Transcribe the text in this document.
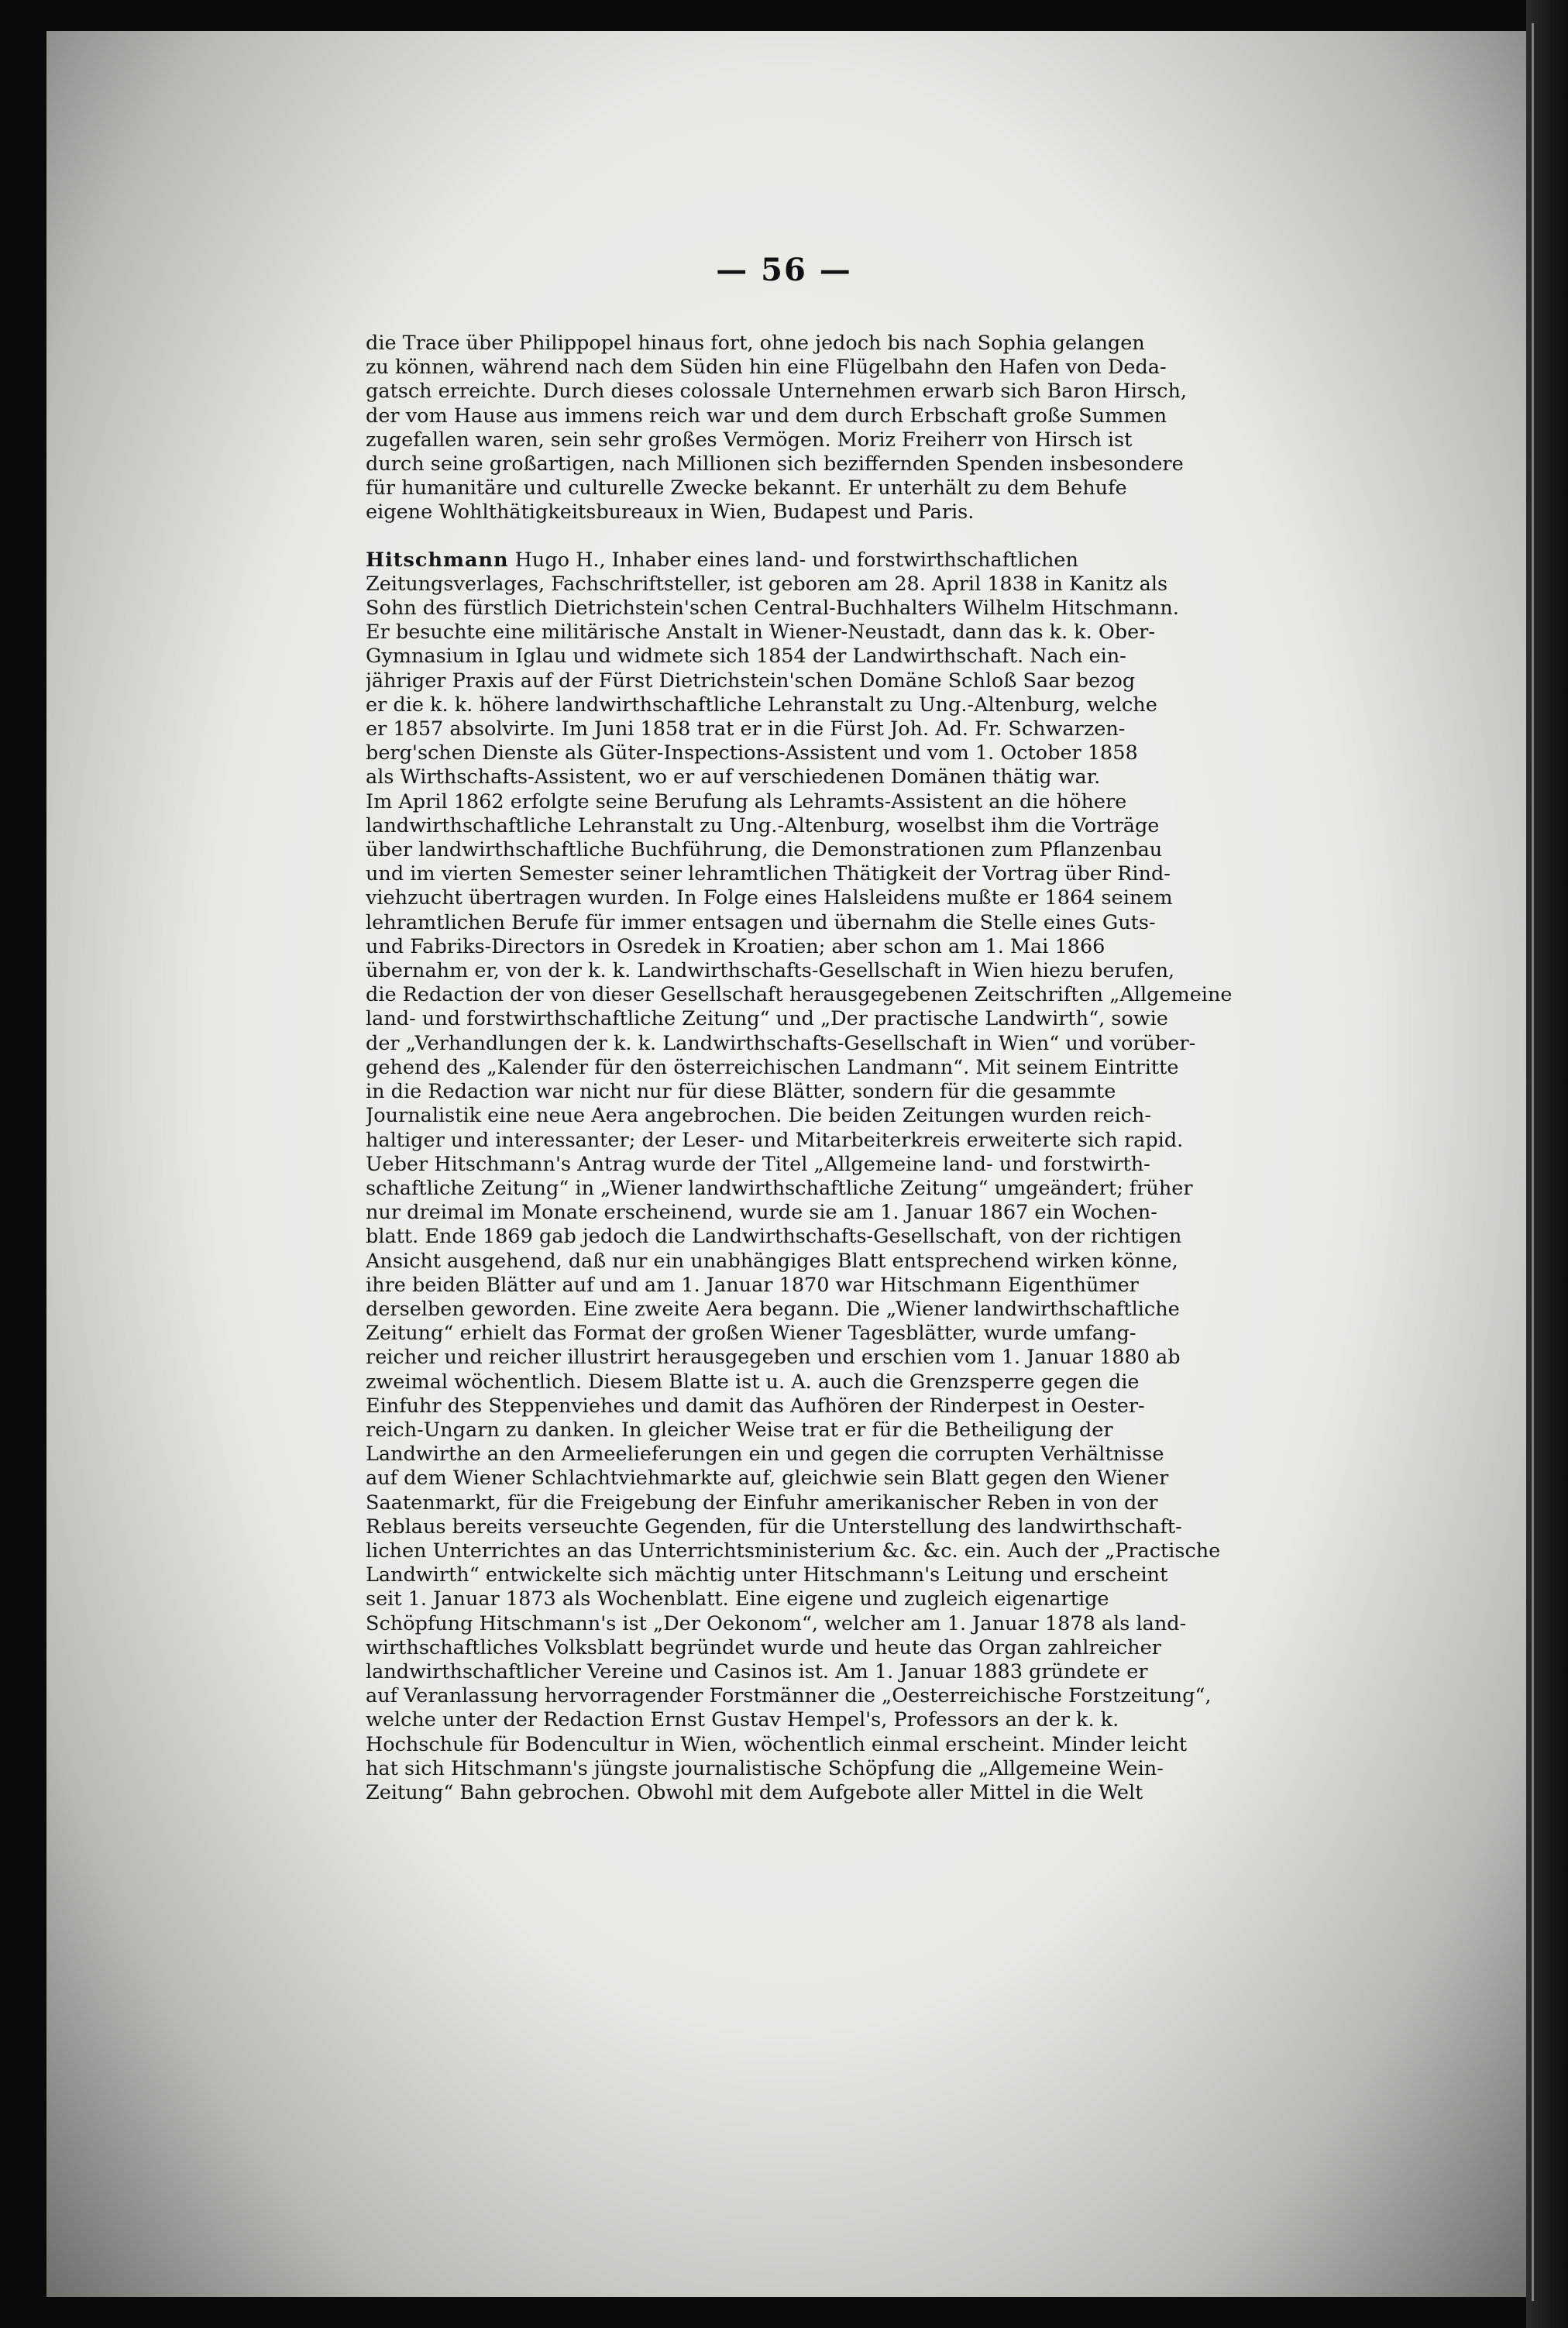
— 56 —

die Trace über Philippopel hinaus fort, ohne jedoch bis nach Sophia gelangen
zu können, während nach dem Süden hin eine Flügelbahn den Hafen von Deda-
gatsch erreichte. Durch dieses colossale Unternehmen erwarb sich Baron Hirsch,
der vom Hause aus immens reich war und dem durch Erbschaft große Summen
zugefallen waren, sein sehr großes Vermögen. Moriz Freiherr von Hirsch ist
durch seine großartigen, nach Millionen sich beziffernden Spenden insbesondere
für humanitäre und culturelle Zwecke bekannt. Er unterhält zu dem Behufe
eigene Wohlthätigkeitsbureaux in Wien, Budapest und Paris.

Hitschmann Hugo H., Inhaber eines land- und forstwirthschaftlichen
Zeitungsverlages, Fachschriftsteller, ist geboren am 28. April 1838 in Kanitz als
Sohn des fürstlich Dietrichstein'schen Central-Buchhalters Wilhelm Hitschmann.
Er besuchte eine militärische Anstalt in Wiener-Neustadt, dann das k. k. Ober-
Gymnasium in Iglau und widmete sich 1854 der Landwirthschaft. Nach ein-
jähriger Praxis auf der Fürst Dietrichstein'schen Domäne Schloß Saar bezog
er die k. k. höhere landwirthschaftliche Lehranstalt zu Ung.-Altenburg, welche
er 1857 absolvirte. Im Juni 1858 trat er in die Fürst Joh. Ad. Fr. Schwarzen-
berg'schen Dienste als Güter-Inspections-Assistent und vom 1. October 1858
als Wirthschafts-Assistent, wo er auf verschiedenen Domänen thätig war.
Im April 1862 erfolgte seine Berufung als Lehramts-Assistent an die höhere
landwirthschaftliche Lehranstalt zu Ung.-Altenburg, woselbst ihm die Vorträge
über landwirthschaftliche Buchführung, die Demonstrationen zum Pflanzenbau
und im vierten Semester seiner lehramtlichen Thätigkeit der Vortrag über Rind-
viehzucht übertragen wurden. In Folge eines Halsleidens mußte er 1864 seinem
lehramtlichen Berufe für immer entsagen und übernahm die Stelle eines Guts-
und Fabriks-Directors in Osredek in Kroatien; aber schon am 1. Mai 1866
übernahm er, von der k. k. Landwirthschafts-Gesellschaft in Wien hiezu berufen,
die Redaction der von dieser Gesellschaft herausgegebenen Zeitschriften „Allgemeine
land- und forstwirthschaftliche Zeitung“ und „Der practische Landwirth“, sowie
der „Verhandlungen der k. k. Landwirthschafts-Gesellschaft in Wien“ und vorüber-
gehend des „Kalender für den österreichischen Landmann“. Mit seinem Eintritte
in die Redaction war nicht nur für diese Blätter, sondern für die gesammte
Journalistik eine neue Aera angebrochen. Die beiden Zeitungen wurden reich-
haltiger und interessanter; der Leser- und Mitarbeiterkreis erweiterte sich rapid.
Ueber Hitschmann's Antrag wurde der Titel „Allgemeine land- und forstwirth-
schaftliche Zeitung“ in „Wiener landwirthschaftliche Zeitung“ umgeändert; früher
nur dreimal im Monate erscheinend, wurde sie am 1. Januar 1867 ein Wochen-
blatt. Ende 1869 gab jedoch die Landwirthschafts-Gesellschaft, von der richtigen
Ansicht ausgehend, daß nur ein unabhängiges Blatt entsprechend wirken könne,
ihre beiden Blätter auf und am 1. Januar 1870 war Hitschmann Eigenthümer
derselben geworden. Eine zweite Aera begann. Die „Wiener landwirthschaftliche
Zeitung“ erhielt das Format der großen Wiener Tagesblätter, wurde umfang-
reicher und reicher illustrirt herausgegeben und erschien vom 1. Januar 1880 ab
zweimal wöchentlich. Diesem Blatte ist u. A. auch die Grenzsperre gegen die
Einfuhr des Steppenviehes und damit das Aufhören der Rinderpest in Oester-
reich-Ungarn zu danken. In gleicher Weise trat er für die Betheiligung der
Landwirthe an den Armeelieferungen ein und gegen die corrupten Verhältnisse
auf dem Wiener Schlachtviehmarkte auf, gleichwie sein Blatt gegen den Wiener
Saatenmarkt, für die Freigebung der Einfuhr amerikanischer Reben in von der
Reblaus bereits verseuchte Gegenden, für die Unterstellung des landwirthschaft-
lichen Unterrichtes an das Unterrichtsministerium &c. &c. ein. Auch der „Practische
Landwirth“ entwickelte sich mächtig unter Hitschmann's Leitung und erscheint
seit 1. Januar 1873 als Wochenblatt. Eine eigene und zugleich eigenartige
Schöpfung Hitschmann's ist „Der Oekonom“, welcher am 1. Januar 1878 als land-
wirthschaftliches Volksblatt begründet wurde und heute das Organ zahlreicher
landwirthschaftlicher Vereine und Casinos ist. Am 1. Januar 1883 gründete er
auf Veranlassung hervorragender Forstmänner die „Oesterreichische Forstzeitung“,
welche unter der Redaction Ernst Gustav Hempel's, Professors an der k. k.
Hochschule für Bodencultur in Wien, wöchentlich einmal erscheint. Minder leicht
hat sich Hitschmann's jüngste journalistische Schöpfung die „Allgemeine Wein-
Zeitung“ Bahn gebrochen. Obwohl mit dem Aufgebote aller Mittel in die Welt
